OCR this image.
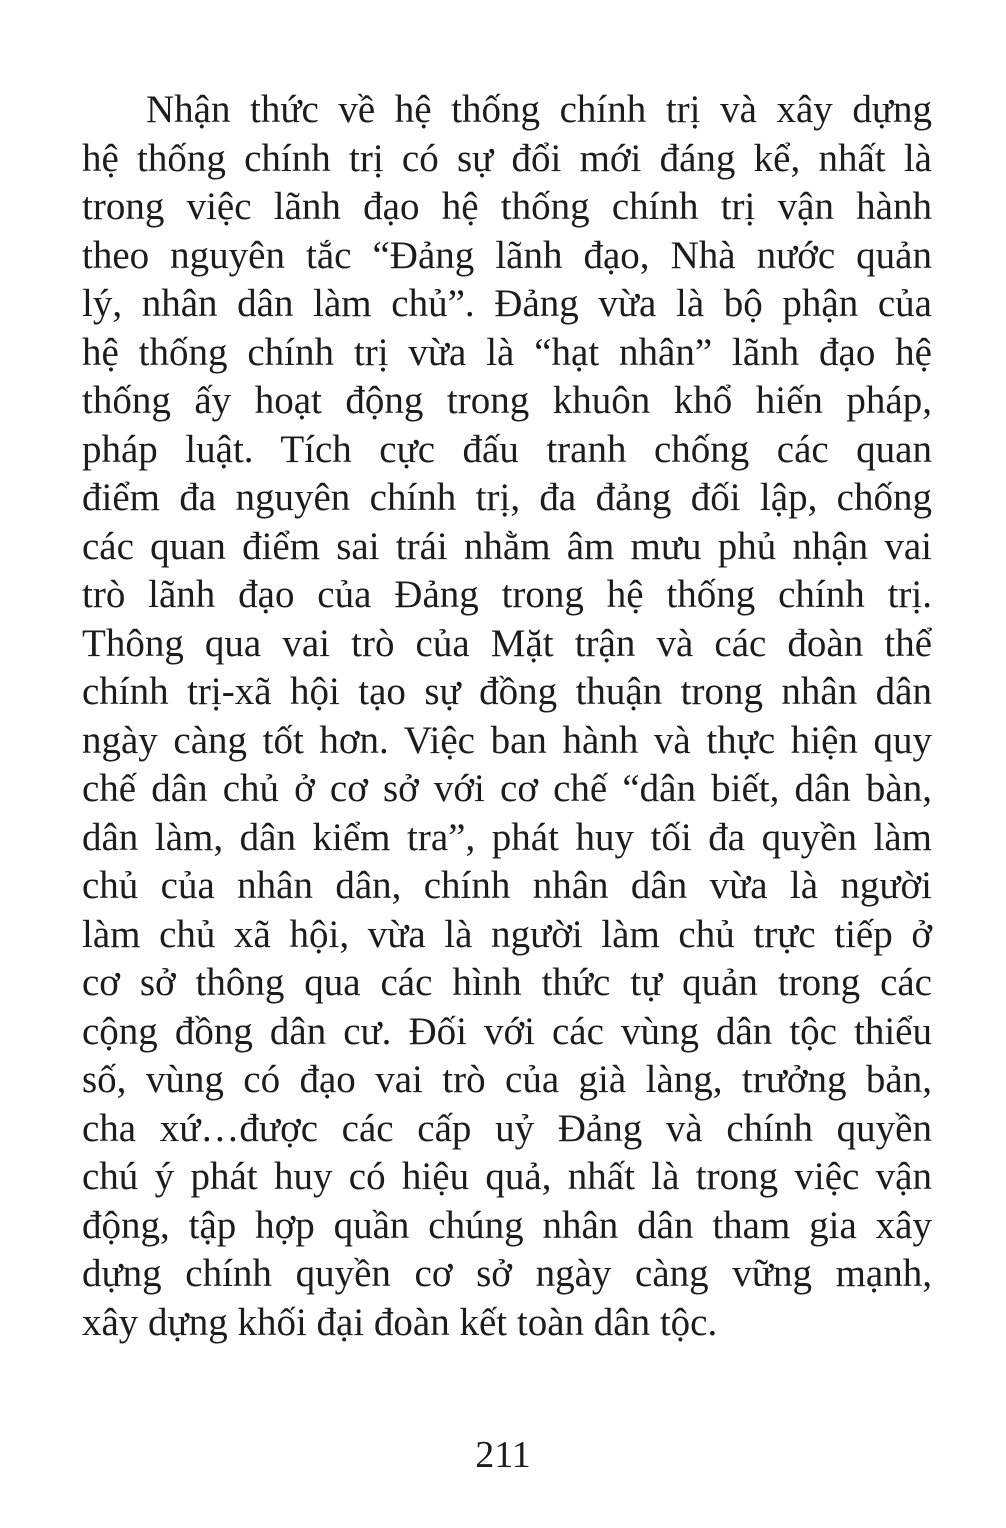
Nhận thức về hệ thống chính trị và xây dựng
hệ thống chính trị có sự đổi mới đáng kể, nhất là
trong việc lãnh đạo hệ thống chính trị vận hành
theo nguyên tắc “Đảng lãnh đạo, Nhà nước quản
lý, nhân dân làm chủ”. Đảng vừa là bộ phận của
hệ thống chính trị vừa là “hạt nhân” lãnh đạo hệ
thống ấy hoạt động trong khuôn khổ hiến pháp,
pháp luật. Tích cực đấu tranh chống các quan
điểm đa nguyên chính trị, đa đảng đối lập, chống
các quan điểm sai trái nhằm âm mưu phủ nhận vai
trò lãnh đạo của Đảng trong hệ thống chính trị.
Thông qua vai trò của Mặt trận và các đoàn thể
chính trị-xã hội tạo sự đồng thuận trong nhân dân
ngày càng tốt hơn. Việc ban hành và thực hiện quy
chế dân chủ ở cơ sở với cơ chế “dân biết, dân bàn,
dân làm, dân kiểm tra”, phát huy tối đa quyền làm
chủ của nhân dân, chính nhân dân vừa là người
làm chủ xã hội, vừa là người làm chủ trực tiếp ở
cơ sở thông qua các hình thức tự quản trong các
cộng đồng dân cư. Đối với các vùng dân tộc thiểu
số, vùng có đạo vai trò của già làng, trưởng bản,
cha xứ…được các cấp uỷ Đảng và chính quyền
chú ý phát huy có hiệu quả, nhất là trong việc vận
động, tập hợp quần chúng nhân dân tham gia xây
dựng chính quyền cơ sở ngày càng vững mạnh,
xây dựng khối đại đoàn kết toàn dân tộc.
211
